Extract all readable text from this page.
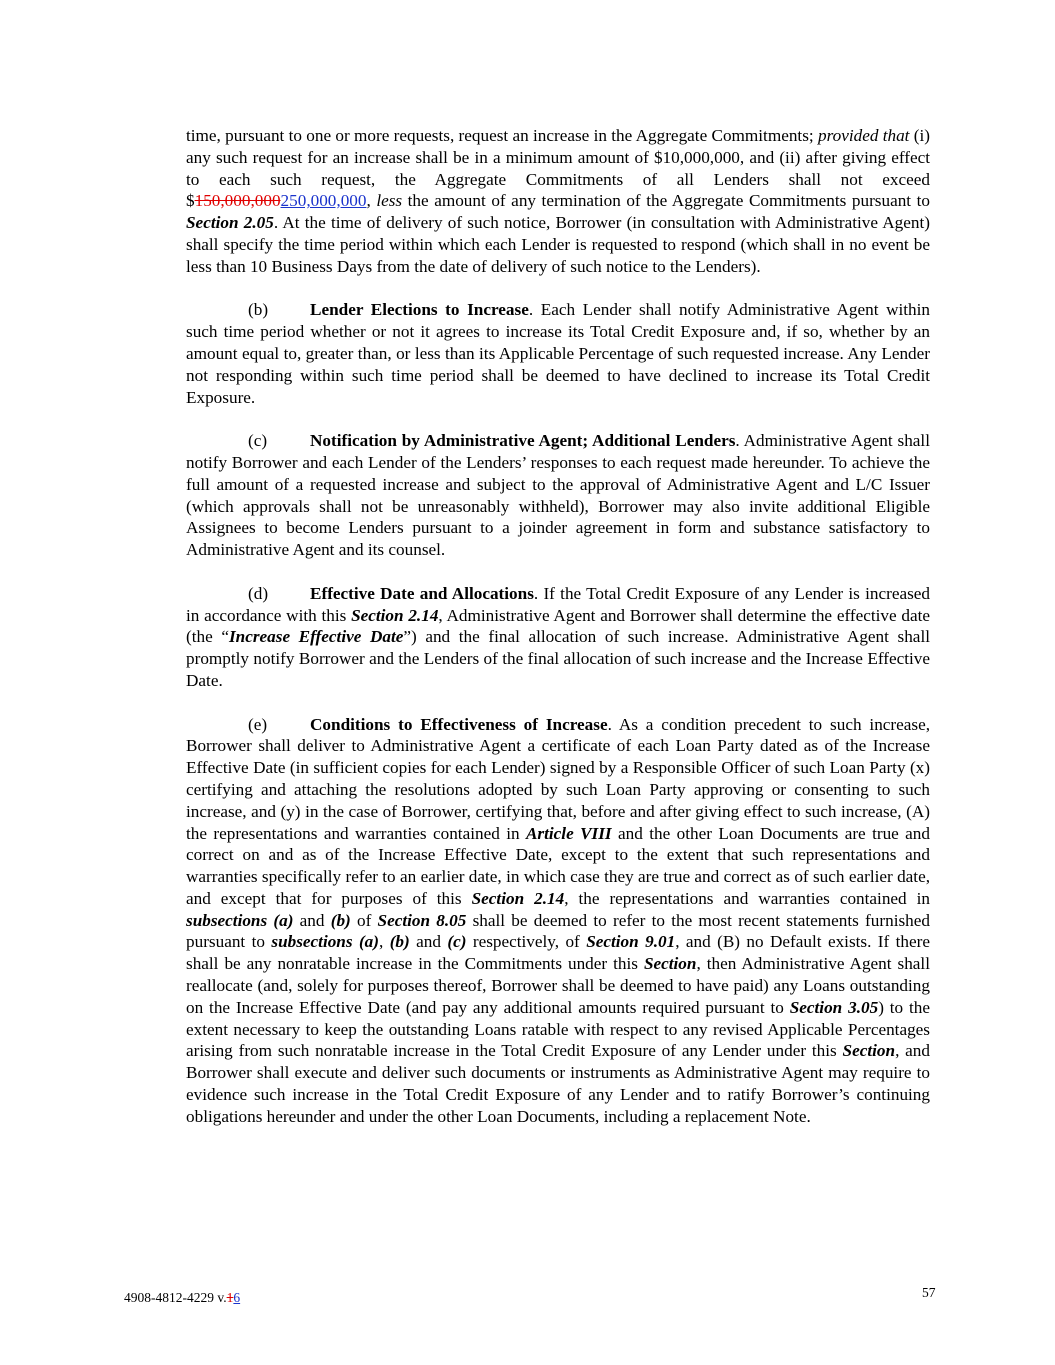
time, pursuant to one or more requests, request an increase in the Aggregate Commitments; provided that (i) any such request for an increase shall be in a minimum amount of $10,000,000, and (ii) after giving effect to each such request, the Aggregate Commitments of all Lenders shall not exceed $150,000,000250,000,000, less the amount of any termination of the Aggregate Commitments pursuant to Section 2.05. At the time of delivery of such notice, Borrower (in consultation with Administrative Agent) shall specify the time period within which each Lender is requested to respond (which shall in no event be less than 10 Business Days from the date of delivery of such notice to the Lenders).

(b) Lender Elections to Increase. Each Lender shall notify Administrative Agent within such time period whether or not it agrees to increase its Total Credit Exposure and, if so, whether by an amount equal to, greater than, or less than its Applicable Percentage of such requested increase. Any Lender not responding within such time period shall be deemed to have declined to increase its Total Credit Exposure.

(c) Notification by Administrative Agent; Additional Lenders. Administrative Agent shall notify Borrower and each Lender of the Lenders’ responses to each request made hereunder. To achieve the full amount of a requested increase and subject to the approval of Administrative Agent and L/C Issuer (which approvals shall not be unreasonably withheld), Borrower may also invite additional Eligible Assignees to become Lenders pursuant to a joinder agreement in form and substance satisfactory to Administrative Agent and its counsel.

(d) Effective Date and Allocations. If the Total Credit Exposure of any Lender is increased in accordance with this Section 2.14, Administrative Agent and Borrower shall determine the effective date (the “Increase Effective Date”) and the final allocation of such increase. Administrative Agent shall promptly notify Borrower and the Lenders of the final allocation of such increase and the Increase Effective Date.

(e) Conditions to Effectiveness of Increase. As a condition precedent to such increase, Borrower shall deliver to Administrative Agent a certificate of each Loan Party dated as of the Increase Effective Date (in sufficient copies for each Lender) signed by a Responsible Officer of such Loan Party (x) certifying and attaching the resolutions adopted by such Loan Party approving or consenting to such increase, and (y) in the case of Borrower, certifying that, before and after giving effect to such increase, (A) the representations and warranties contained in Article VIII and the other Loan Documents are true and correct on and as of the Increase Effective Date, except to the extent that such representations and warranties specifically refer to an earlier date, in which case they are true and correct as of such earlier date, and except that for purposes of this Section 2.14, the representations and warranties contained in subsections (a) and (b) of Section 8.05 shall be deemed to refer to the most recent statements furnished pursuant to subsections (a), (b) and (c) respectively, of Section 9.01, and (B) no Default exists. If there shall be any nonratable increase in the Commitments under this Section, then Administrative Agent shall reallocate (and, solely for purposes thereof, Borrower shall be deemed to have paid) any Loans outstanding on the Increase Effective Date (and pay any additional amounts required pursuant to Section 3.05) to the extent necessary to keep the outstanding Loans ratable with respect to any revised Applicable Percentages arising from such nonratable increase in the Total Credit Exposure of any Lender under this Section, and Borrower shall execute and deliver such documents or instruments as Administrative Agent may require to evidence such increase in the Total Credit Exposure of any Lender and to ratify Borrower’s continuing obligations hereunder and under the other Loan Documents, including a replacement Note.

4908-4812-4229 v.16	57
